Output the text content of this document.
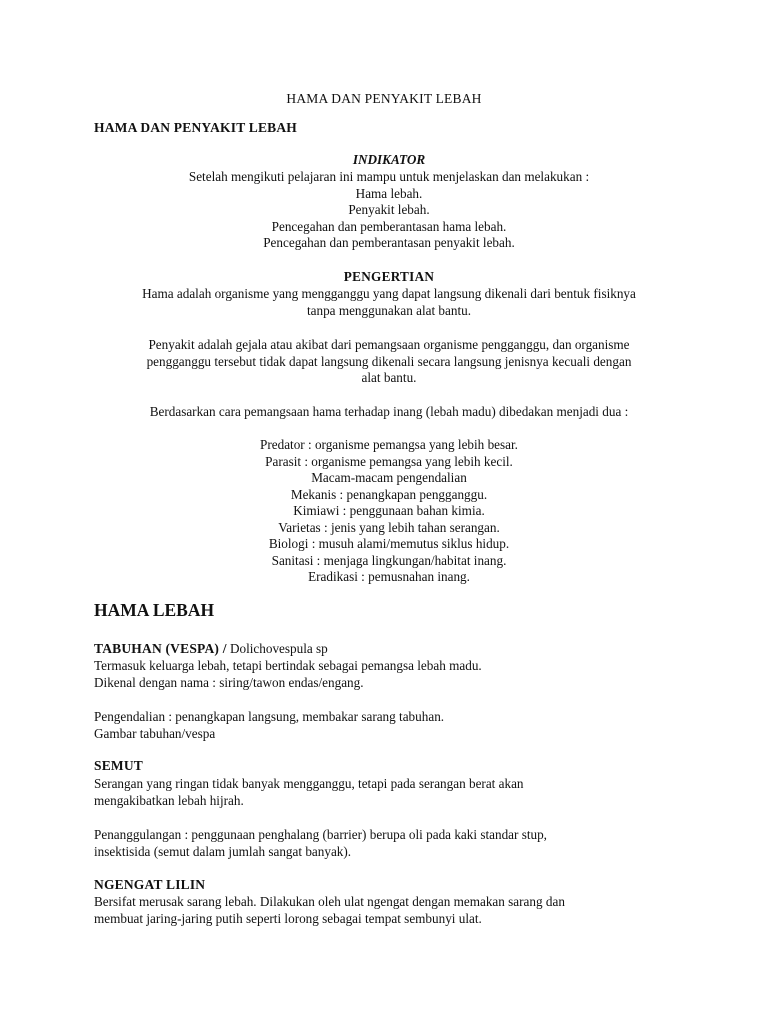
HAMA DAN PENYAKIT LEBAH

HAMA DAN PENYAKIT LEBAH

INDIKATOR

Setelah mengikuti pelajaran ini mampu untuk menjelaskan dan melakukan :
Hama lebah.
Penyakit lebah.
Pencegahan dan pemberantasan hama lebah.
Pencegahan dan pemberantasan penyakit lebah.

PENGERTIAN

Hama adalah organisme yang mengganggu yang dapat langsung dikenali dari bentuk fisiknya
tanpa menggunakan alat bantu.
Penyakit adalah gejala atau akibat dari pemangsaan organisme pengganggu, dan organisme
pengganggu tersebut tidak dapat langsung dikenali secara langsung jenisnya kecuali dengan
alat bantu.

Berdasarkan cara pemangsaan hama terhadap inang (lebah madu) dibedakan menjadi dua :

Predator : organisme pemangsa yang lebih besar.
Parasit : organisme pemangsa yang lebih kecil.
Macam-macam pengendalian
Mekanis : penangkapan pengganggu.
Kimiawi : penggunaan bahan kimia.
Varietas : jenis yang lebih tahan serangan.
Biologi : musuh alami/memutus siklus hidup.
Sanitasi : menjaga lingkungan/habitat inang.
Eradikasi : pemusnahan inang.

HAMA LEBAH

TABUHAN (VESPA) / Dolichovespula sp

Termasuk keluarga lebah, tetapi bertindak sebagai pemangsa lebah madu.
Dikenal dengan nama : siring/tawon endas/engang.
Pengendalian : penangkapan langsung, membakar sarang tabuhan.
Gambar tabuhan/vespa

SEMUT

Serangan yang ringan tidak banyak mengganggu, tetapi pada serangan berat akan
mengakibatkan lebah hijrah.
Penanggulangan : penggunaan penghalang (barrier) berupa oli pada kaki standar stup,
insektisida (semut dalam jumlah sangat banyak).

NGENGAT LILIN

Bersifat merusak sarang lebah. Dilakukan oleh ulat ngengat dengan memakan sarang dan
membuat jaring-jaring putih seperti lorong sebagai tempat sembunyi ulat.
